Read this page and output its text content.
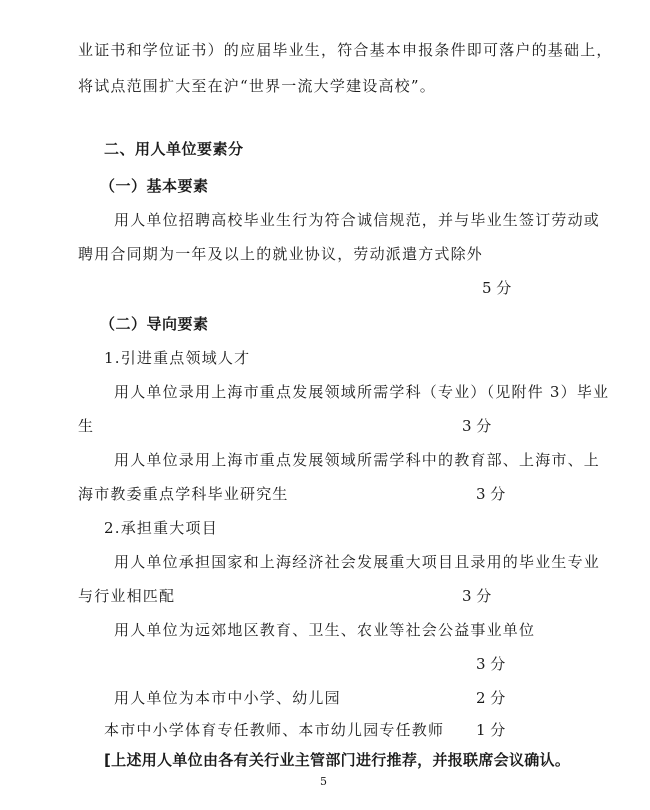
业证书和学位证书）的应届毕业生，符合基本申报条件即可落户的基础上，
将试点范围扩大至在沪“世界一流大学建设高校”。
二、用人单位要素分
（一）基本要素
用人单位招聘高校毕业生行为符合诚信规范，并与毕业生签订劳动或
聘用合同期为一年及以上的就业协议，劳动派遣方式除外
5 分
（二）导向要素
1.引进重点领域人才
用人单位录用上海市重点发展领域所需学科（专业）（见附件 3）毕业
生	3 分
用人单位录用上海市重点发展领域所需学科中的教育部、上海市、上
海市教委重点学科毕业研究生	3 分
2.承担重大项目
用人单位承担国家和上海经济社会发展重大项目且录用的毕业生专业
与行业相匹配	3 分
用人单位为远郊地区教育、卫生、农业等社会公益事业单位
3 分
用人单位为本市中小学、幼儿园	2 分
本市中小学体育专任教师、本市幼儿园专任教师 1 分
[上述用人单位由各有关行业主管部门进行推荐，并报联席会议确认。
5
